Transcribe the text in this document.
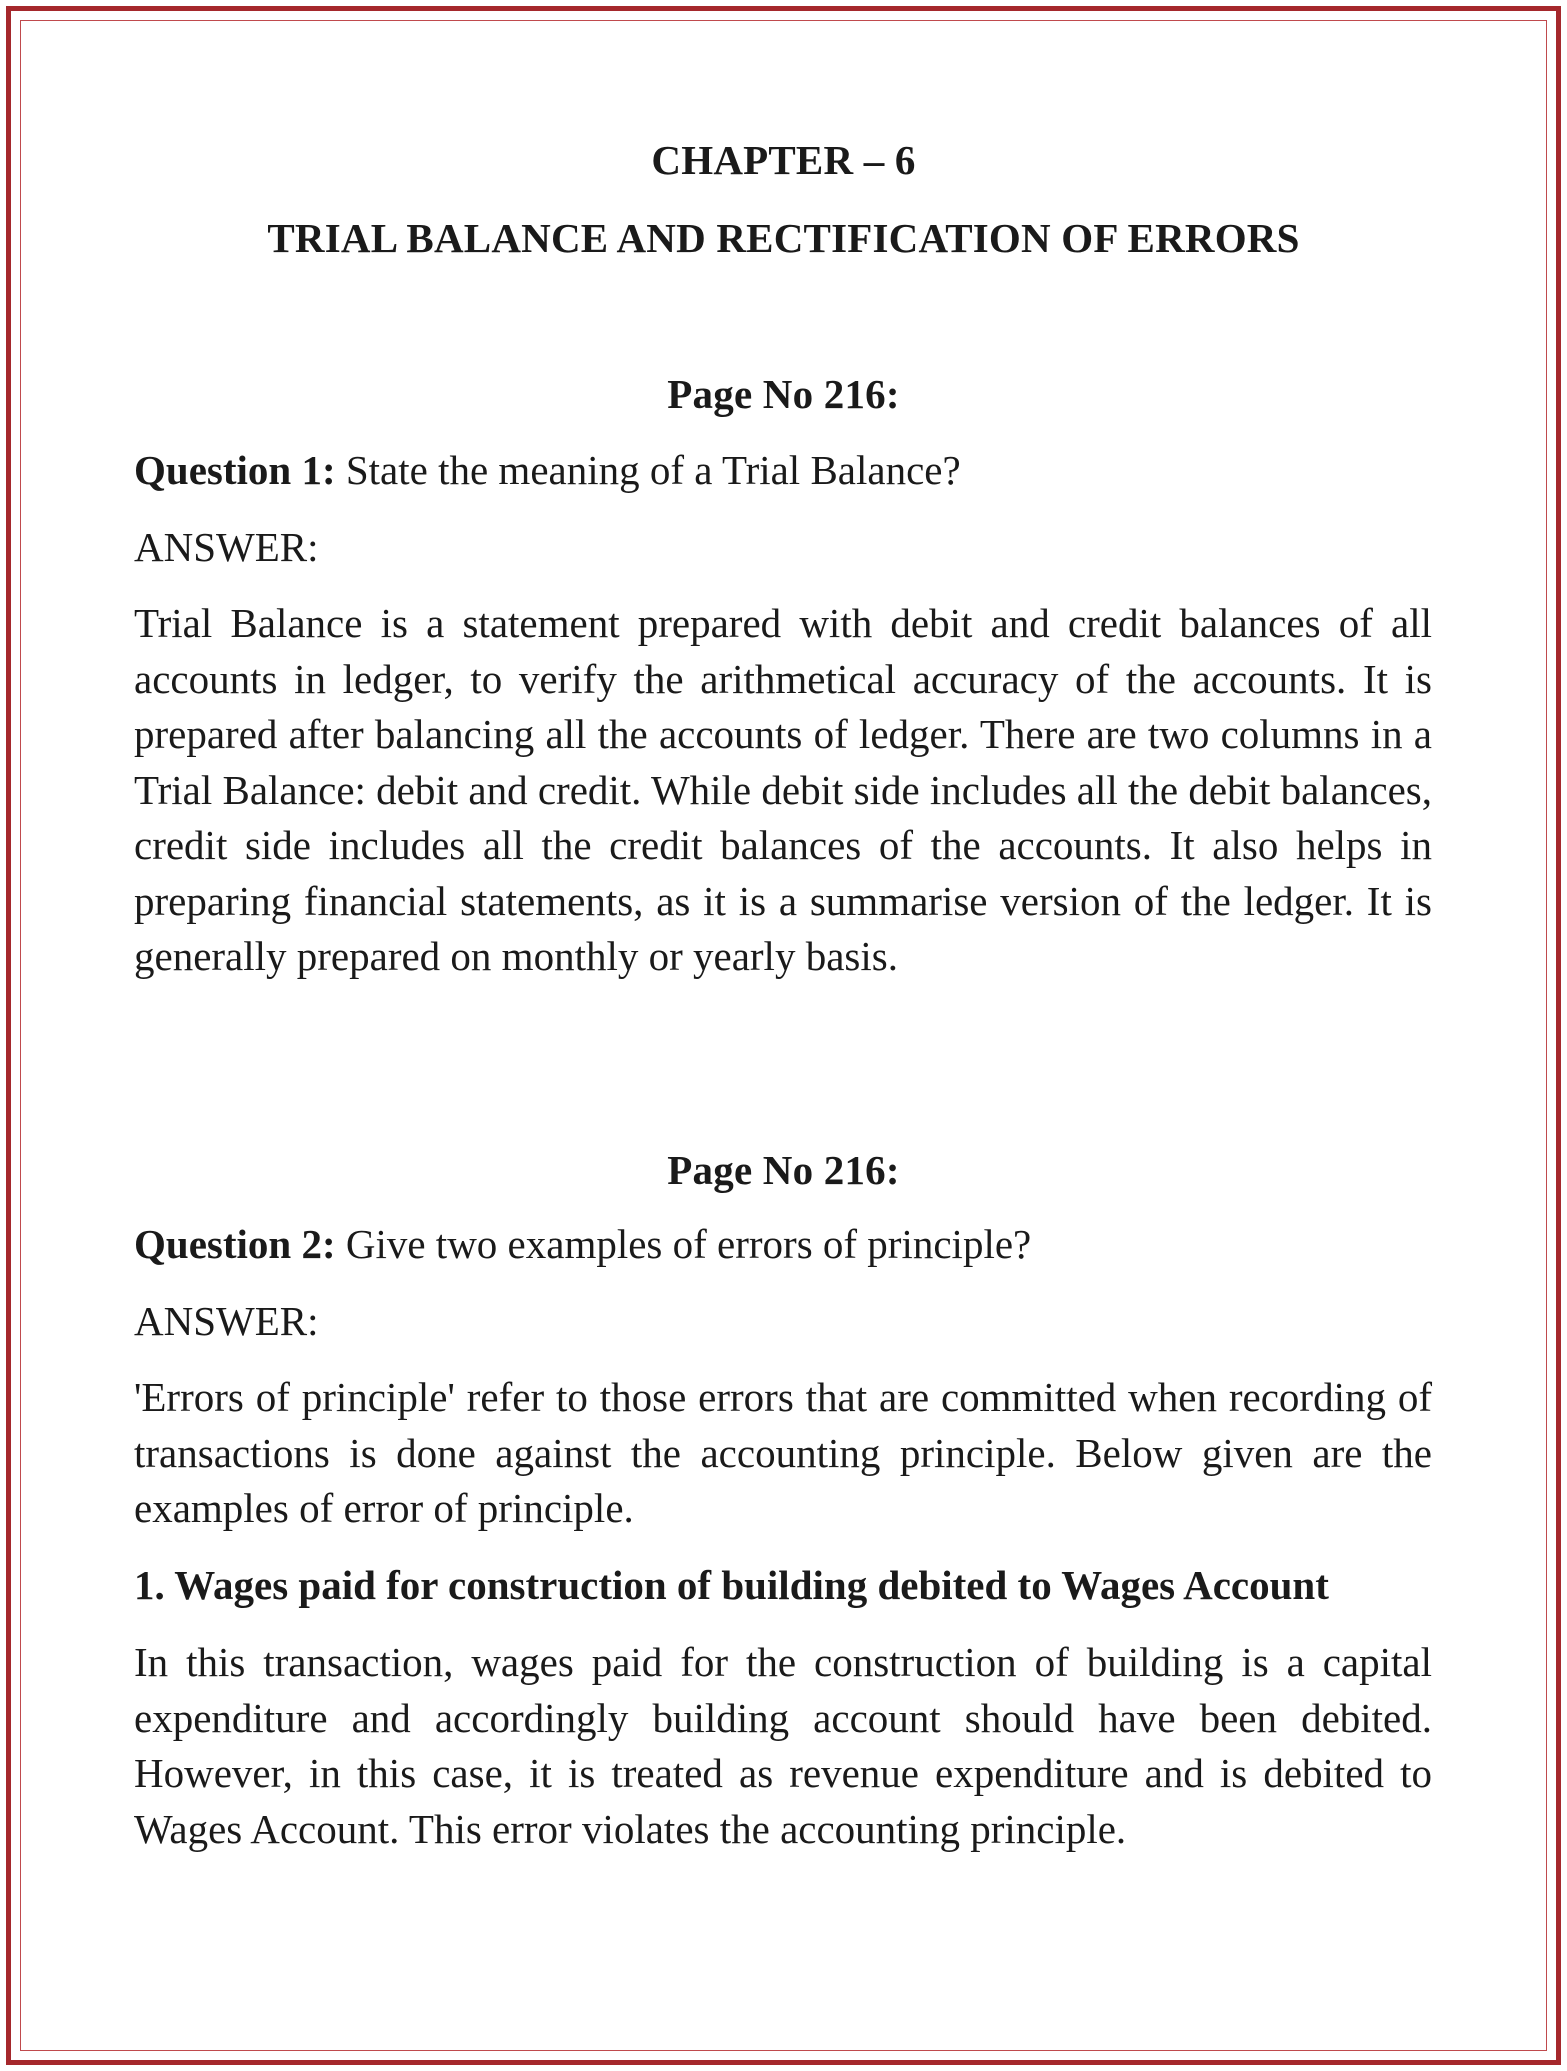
CHAPTER – 6
TRIAL BALANCE AND RECTIFICATION OF ERRORS
Page No 216:

Question 1: State the meaning of a Trial Balance?

ANSWER:

Trial Balance is a statement prepared with debit and credit balances of all accounts in ledger, to verify the arithmetical accuracy of the accounts. It is prepared after balancing all the accounts of ledger. There are two columns in a Trial Balance: debit and credit. While debit side includes all the debit balances, credit side includes all the credit balances of the accounts. It also helps in preparing financial statements, as it is a summarise version of the ledger. It is generally prepared on monthly or yearly basis.

Page No 216:

Question 2: Give two examples of errors of principle?

ANSWER:

'Errors of principle' refer to those errors that are committed when recording of transactions is done against the accounting principle. Below given are the examples of error of principle.

1. Wages paid for construction of building debited to Wages Account

In this transaction, wages paid for the construction of building is a capital expenditure and accordingly building account should have been debited. However, in this case, it is treated as revenue expenditure and is debited to Wages Account. This error violates the accounting principle.
